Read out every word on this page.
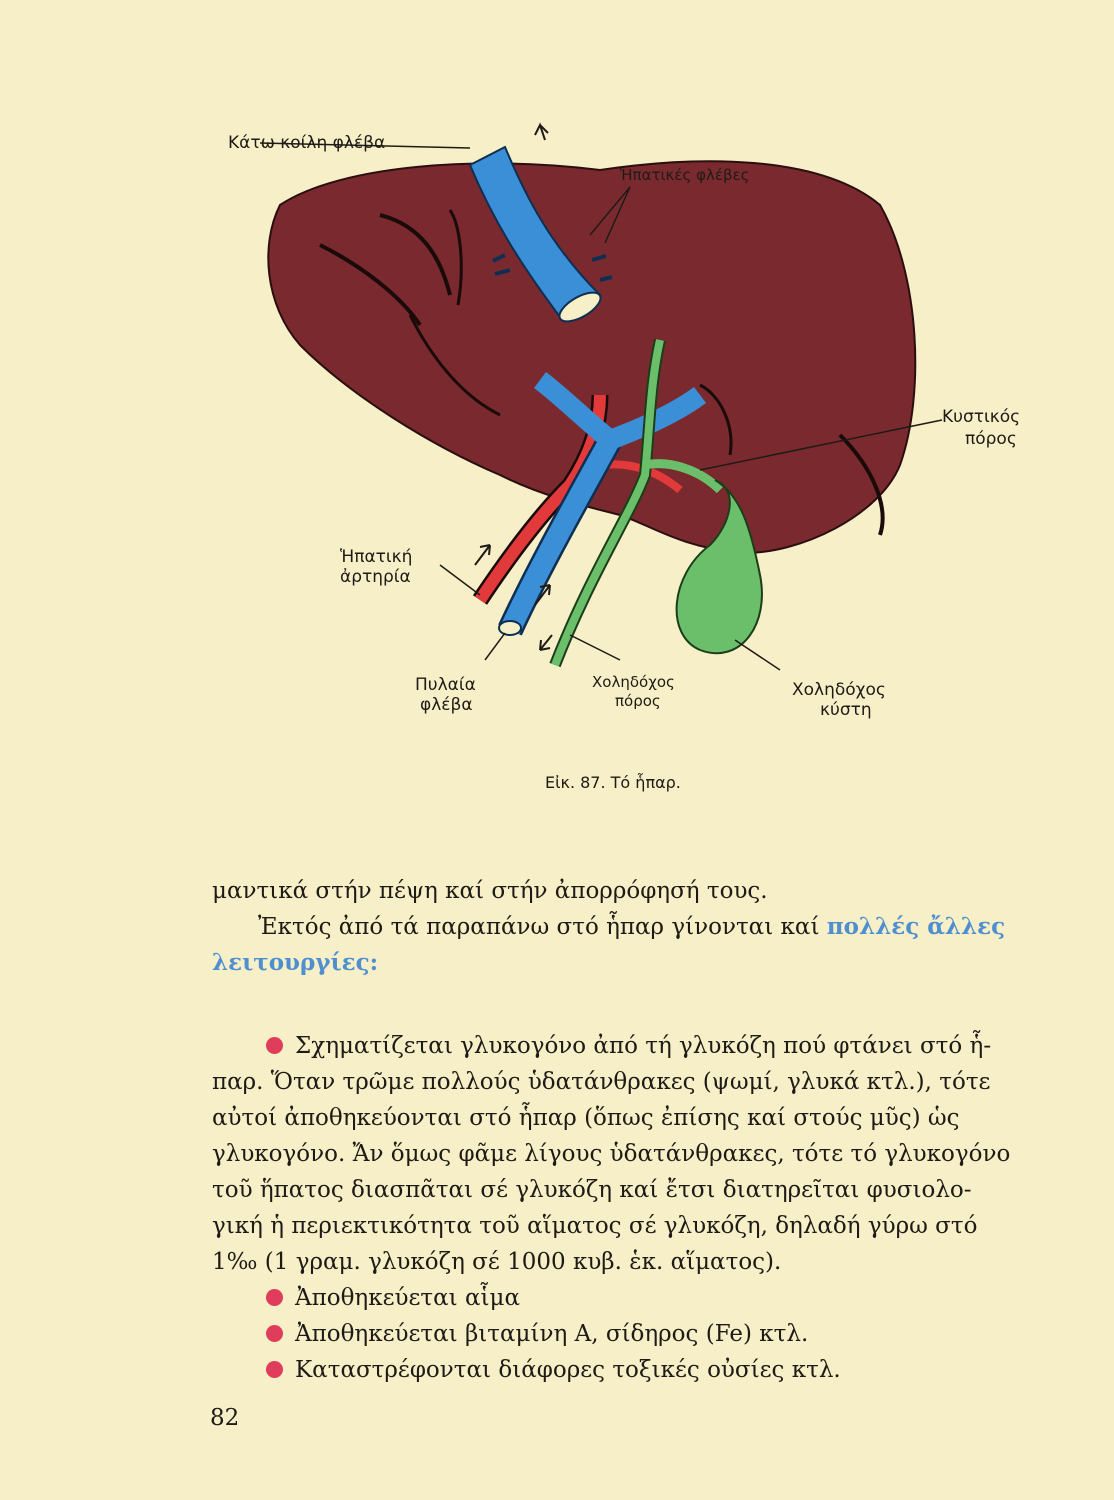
Κάτω κοίλη φλέβα
Ἡπατικές φλέβες
Κυστικός
πόρος
Ἡπατική
ἀρτηρία
Πυλαία
φλέβα
Χοληδόχος
πόρος
Χοληδόχος
κύστη
Εἰκ. 87. Τό ἧπαρ.
μαντικά στήν πέψη καί στήν ἀπορρόφησή τους.
Ἐκτός ἀπό τά παραπάνω στό ἧπαρ γίνονται καί πολλές ἄλλες
λειτουργίες:
Σχηματίζεται γλυκογόνο ἀπό τή γλυκόζη πού φτάνει στό ἧ-
παρ. Ὅταν τρῶμε πολλούς ὑδατάνθρακες (ψωμί, γλυκά κτλ.), τότε
αὐτοί ἀποθηκεύονται στό ἧπαρ (ὅπως ἐπίσης καί στούς μῦς) ὡς
γλυκογόνο. Ἄν ὅμως φᾶμε λίγους ὑδατάνθρακες, τότε τό γλυκογόνο
τοῦ ἥπατος διασπᾶται σέ γλυκόζη καί ἔτσι διατηρεῖται φυσιολο-
γική ἡ περιεκτικότητα τοῦ αἵματος σέ γλυκόζη, δηλαδή γύρω στό
1‰ (1 γραμ. γλυκόζη σέ 1000 κυβ. ἑκ. αἵματος).
Ἀποθηκεύεται αἷμα
Ἀποθηκεύεται βιταμίνη Α, σίδηρος (Fe) κτλ.
Καταστρέφονται διάφορες τοξικές οὐσίες κτλ.
82
